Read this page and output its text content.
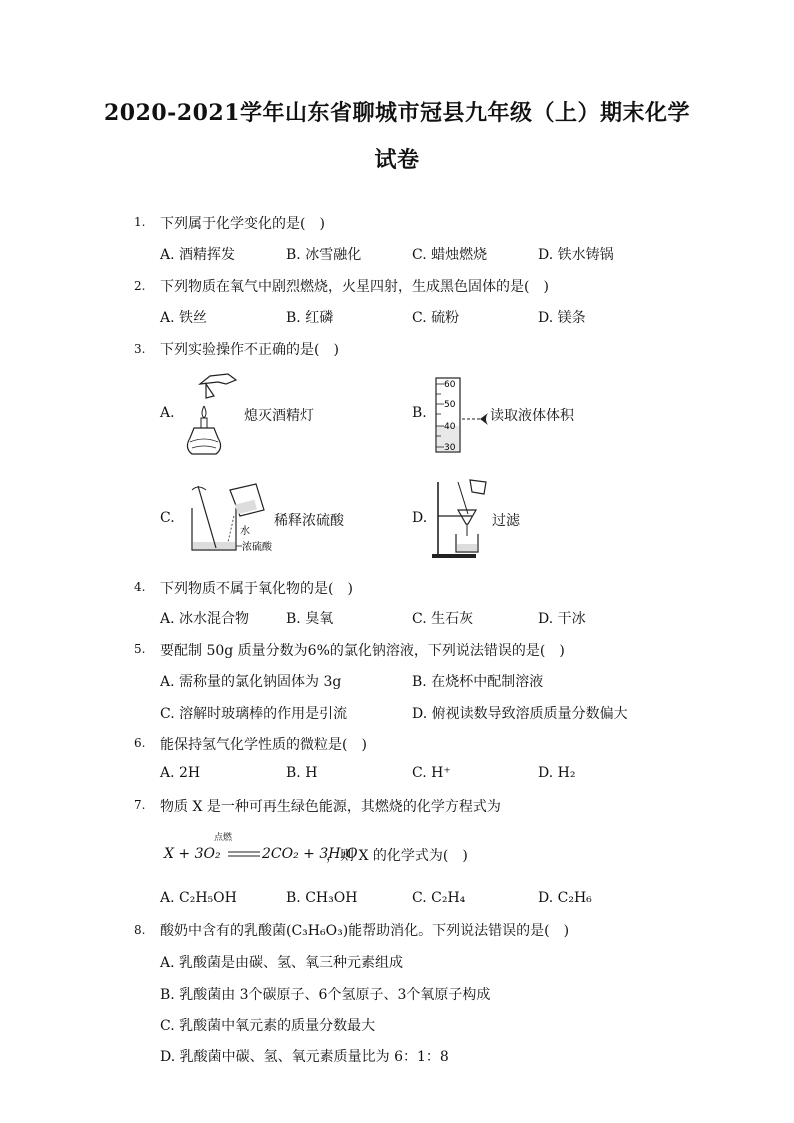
2020-2021学年山东省聊城市冠县九年级（上）期末化学
试卷
1. 下列属于化学变化的是(　)
A. 酒精挥发	B. 冰雪融化	C. 蜡烛燃烧	D. 铁水铸锅
2. 下列物质在氧气中剧烈燃烧，火星四射，生成黑色固体的是(　)
A. 铁丝	B. 红磷	C. 硫粉	D. 镁条
3. 下列实验操作不正确的是(　)
A.	熄灭酒精灯	B.
60
50
40
30
读取液体体积
C.
水
浓硫酸
稀释浓硫酸	D.	过滤
4. 下列物质不属于氧化物的是(　)
A. 冰水混合物	B. 臭氧	C. 生石灰	D. 干冰
5. 要配制 50g 质量分数为6%的氯化钠溶液，下列说法错误的是(　)
A. 需称量的氯化钠固体为 3g	B. 在烧杯中配制溶液
C. 溶解时玻璃棒的作用是引流	D. 俯视读数导致溶质质量分数偏大
6. 能保持氢气化学性质的微粒是(　)
A. 2H	B. H	C. H⁺	D. H₂
7. 物质 X 是一种可再生绿色能源，其燃烧的化学方程式为
点燃
X + 3O₂	2CO₂ + 3H₂O
，则 X 的化学式为(　)
A. C₂H₅OH	B. CH₃OH	C. C₂H₄	D. C₂H₆
8. 酸奶中含有的乳酸菌(C₃H₆O₃)能帮助消化。下列说法错误的是(　)
A. 乳酸菌是由碳、氢、氧三种元素组成
B. 乳酸菌由 3个碳原子、6个氢原子、3个氧原子构成
C. 乳酸菌中氧元素的质量分数最大
D. 乳酸菌中碳、氢、氧元素质量比为 6：1：8
